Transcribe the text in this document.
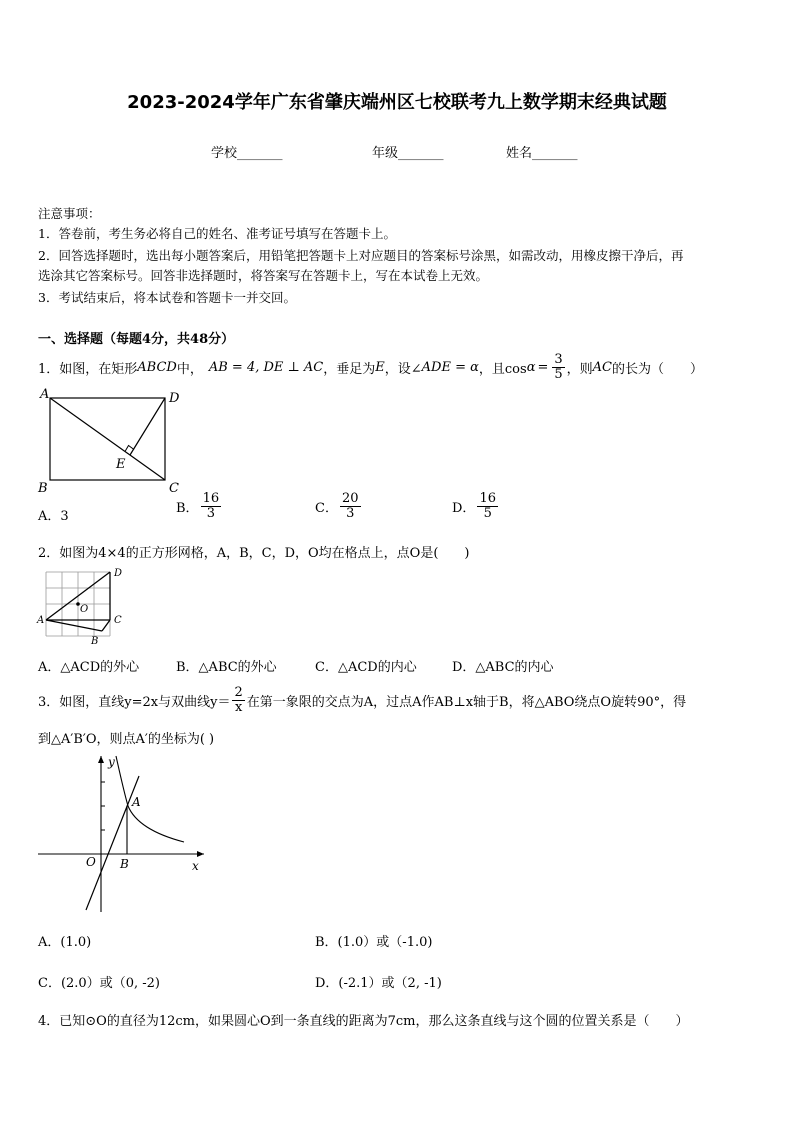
2023-2024学年广东省肇庆端州区七校联考九上数学期末经典试题
学校_______	年级_______	姓名_______
注意事项：
1．答卷前，考生务必将自己的姓名、准考证号填写在答题卡上。
2．回答选择题时，选出每小题答案后，用铅笔把答题卡上对应题目的答案标号涂黑，如需改动，用橡皮擦干净后，再
选涂其它答案标号。回答非选择题时，将答案写在答题卡上，写在本试卷上无效。
3．考试结束后，将本试卷和答题卡一并交回。
一、选择题（每题4分，共48分）
1．如图，在矩形 ABCD 中， AB = 4, DE ⊥ AC ，垂足为 E ，设∠ ADE = α ，且$\cos \alpha = \frac{3}{5}$ ，则 AC 的长为（　　）
A	D
B	C
E
A．3
B． $\frac{16}{3}$	C． $\frac{20}{3}$	D． $\frac{16}{5}$
2．如图为4×4的正方形网格，A，B，C，D，O均在格点上，点O是(　　)
O
A
D
C
B
A．△ACD的外心	B．△ABC的外心	C．△ACD的内心	D．△ABC的内心
3．如图，直线y=2x与双曲线$y= \frac{2}{x}$ 在第一象限的交点为A，过点A作AB⊥x轴于B，将△ABO绕点O旋转90°，得
到△A′B′O，则点A′的坐标为( )
A
B
O
y
x
A．(1.0)	B．(1.0）或（-1.0)
C．(2.0）或（0, -2)	D．(-2.1）或（2, -1)
4．已知⊙O的直径为12cm，如果圆心O到一条直线的距离为7cm，那么这条直线与这个圆的位置关系是（　　）
